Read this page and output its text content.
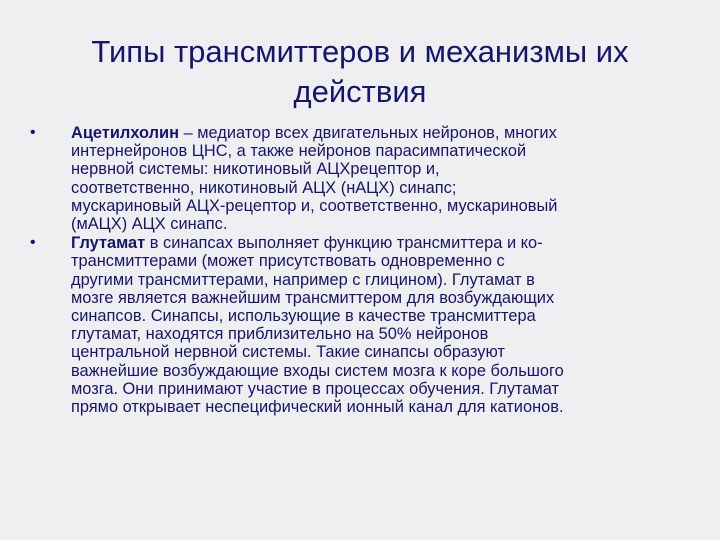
Типы трансмиттеров и механизмы их
действия
•	Ацетилхолин – медиатор всех двигательных нейронов, многих
интернейронов ЦНС, а также нейронов парасимпатической
нервной системы: никотиновый АЦХрецептор и,
соответственно, никотиновый АЦХ (нАЦХ) синапс;
мускариновый АЦХ-рецептор и, соответственно, мускариновый
(мАЦХ) АЦХ синапс.
•	Глутамат в синапсах выполняет функцию трансмиттера и ко-
трансмиттерами (может присутствовать одновременно с
другими трансмиттерами, например с глицином). Глутамат в
мозге является важнейшим трансмиттером для возбуждающих
синапсов. Синапсы, использующие в качестве трансмиттера
глутамат, находятся приблизительно на 50% нейронов
центральной нервной системы. Такие синапсы образуют
важнейшие возбуждающие входы систем мозга к коре большого
мозга. Они принимают участие в процессах обучения. Глутамат
прямо открывает неспецифический ионный канал для катионов.
